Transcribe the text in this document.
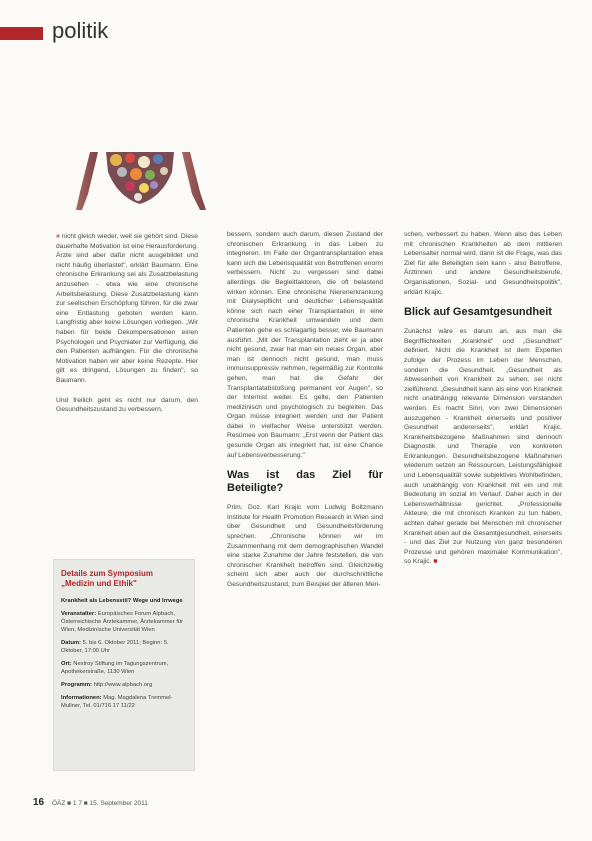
politik

» nicht gleich wieder, weil sie gehört sind. Diese dauerhafte Motivation ist eine Herausforderung. Ärzte sind aber dafür nicht ausgebildet und nicht häufig überlastet", erklärt Baumann. Eine chronische Erkrankung sei als Zusatzbelastung anzusehen - etwa wie eine chronische Arbeitsbelastung. Diese Zusatzbelastung kann zur seelischen Erschöpfung führen, für die zwar eine Entlastung geboten werden kann. Langfristig aber keine Lösungen vorliegen. „Wir haben für beide Dekompensationen einen Psychologen und Psychiater zur Verfügung, die den Patienten aufhängen. Für die chronische Motivation haben wir aber keine Rezepte. Hier gilt es dringend, Lösungen zu finden", so Baumann.

Und freilich geht es nicht nur darum, den Gesundheitszustand zu verbessern,

Details zum Symposium „Medizin und Ethik"
Krankheit als Lebensstil? Wege und Irrwege
Veranstalter: Europäisches Forum Alpbach, Österreichische Ärztekammer, Ärztekammer für Wien, Medizinische Universität Wien
Datum: 5. bis 6. Oktober 2011; Beginn: 5. Oktober, 17:00 Uhr
Ort: Nestroy Stiftung im Tagungszentrum, Apothekerstraße, 1130 Wien
Programm: http://www.alpbach.org
Informationen: Mag. Magdalena Tremmel-Mullner, Tel. 01/716 17 11/22

bessern, sondern auch darum, diesen Zustand der chronischen Erkrankung in das Leben zu integrieren. Im Falle der Organtransplantation etwa kann sich die Lebensqualität von Betroffenen enorm verbessern. Nicht zu vergessen sind dabei allerdings die Begleitfaktoren, die oft belastend wirken können. Eine chronische Nierenerkrankung mit Dialysepflicht und deutlicher Lebensqualität könne sich nach einer Transplantation in eine chronische Krankheit umwandeln und dem Patienten gehe es schlagartig besser, wie Baumann ausführt. „Mit der Transplantation zieht er ja aber nicht gesund, zwar hat man ein neues Organ, aber man ist dennoch nicht gesund, man muss immunsuppressiv nehmen, regelmäßig zur Kontrolle gehen, man hat die Gefahr der Transplantatabstoßung permanent vor Augen", so der Internist weiter. Es gelte, den Patienten medizinisch und psychologisch zu begleiten. Das Organ müsse integriert werden und der Patient dabei in vielfacher Weise unterstützt werden. Resümee von Baumann: „Erst wenn der Patient das gesunde Organ als integriert hat, ist eine Chance auf Lebensverbesserung."

Was ist das Ziel für Beteiligte?

Prim. Doz. Karl Krajic vom Ludwig Boltzmann Institute for Health Promotion Research in Wien sind über Gesundheit und Gesundheitsförderung sprechen. „Chronische können wir im Zusammenhang mit dem demographischen Wandel eine starke Zunahme der Jahre feststellen, die von chronischer Krankheit betroffen sind. Gleichzeitig scheint sich aber auch der durchschnittliche Gesundheitszustand, zum Beispiel der älteren Men-

schen, verbessert zu haben. Wenn also das Leben mit chronischen Krankheiten ab dem mittleren Lebensalter normal wird, dann ist die Frage, was das Ziel für alle Beteiligten sein kann - also Betroffene, Ärztinnen und andere Gesundheitsberufe, Organisationen, Sozial- und Gesundheitspolitik", erklärt Krajic.

Blick auf Gesamtgesundheit

Zunächst wäre es darum an, aus man die Begrifflichkeiten „Krankheit" und „Gesundheit" definiert. Nicht die Krankheit ist dem Experten zufolge der Prozess im Leben der Menschen, sondern die Gesundheit. „Gesundheit als Abwesenheit von Krankheit zu sehen, sei nicht zielführend. „Gesundheit kann als eine von Krankheit nicht unabhängig relevante Dimension verstanden werden. Es macht Sinn, von zwei Dimensionen auszugehen - Krankheit einerseits und positiver Gesundheit andererseits", erklärt Krajic. Krankheitsbezogene Maßnahmen sind dennoch Diagnostik und Therapie von konkreten Erkrankungen. Gesundheitsbezogene Maßnahmen wiederum setzen an Ressourcen, Leistungsfähigkeit und Lebensqualität sowie subjektives Wohlbefinden, auch unabhängig von Krankheit mit ein und mit Bedeutung im sozial im Verlauf. Daher auch in der Lebensverhältnisse gerichtet. „Professionelle Akteure, die mit chronisch Kranken zu tun haben, achten daher gerade bei Menschen mit chronischer Krankheit eben auf die Gesamtgesundheit, einerseits - und das Ziel zur Nutzung von ganz besonderen Prozesse und gehören maximaler Kommunikation", so Krajic. ■

16 ÖÄZ ■ 1 7 ■ 15. September 2011
